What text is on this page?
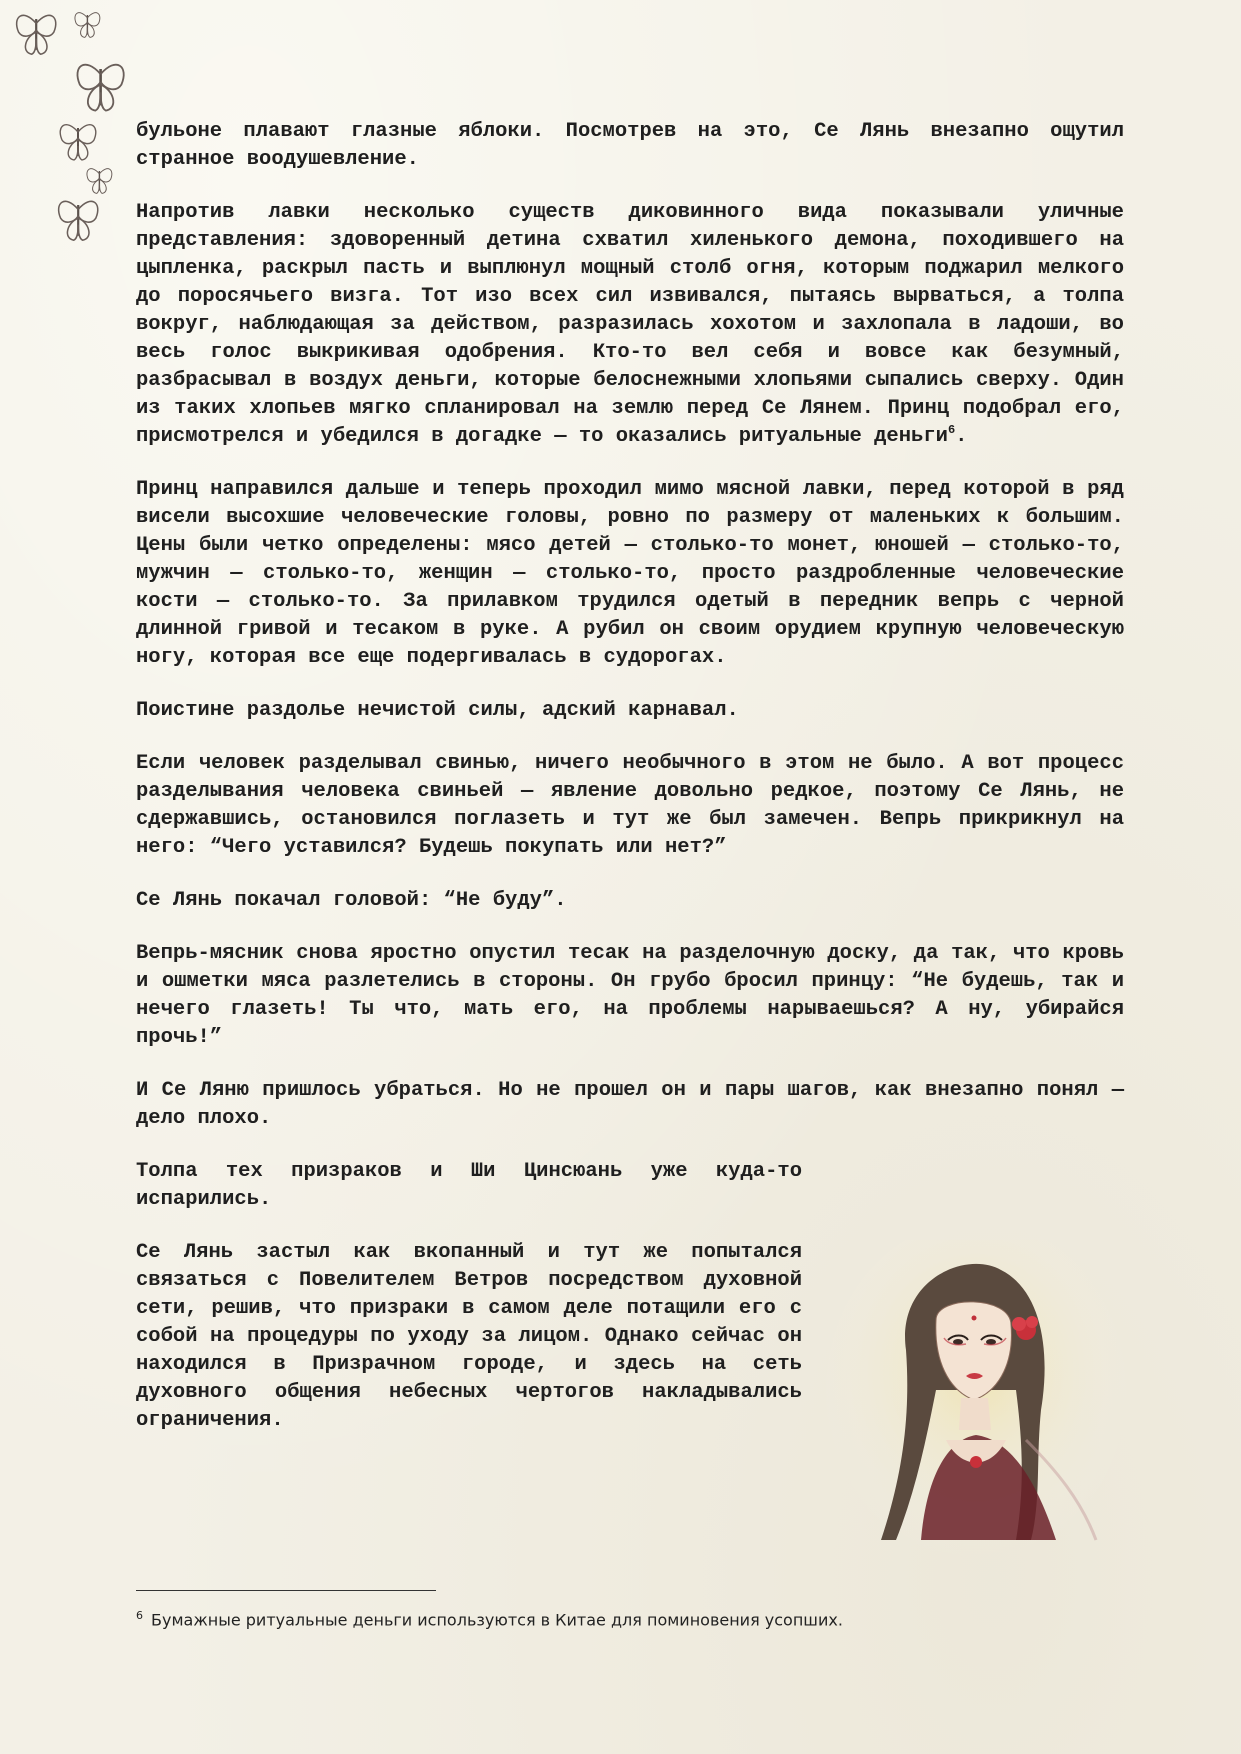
бульоне плавают глазные яблоки. Посмотрев на это, Се Лянь внезапно ощутил странное воодушевление.

Напротив лавки несколько существ диковинного вида показывали уличные представления: здоворенный детина схватил хиленького демона, походившего на цыпленка, раскрыл пасть и выплюнул мощный столб огня, которым поджарил мелкого до поросячьего визга. Тот изо всех сил извивался, пытаясь вырваться, а толпа вокруг, наблюдающая за действом, разразилась хохотом и захлопала в ладоши, во весь голос выкрикивая одобрения. Кто-то вел себя и вовсе как безумный, разбрасывал в воздух деньги, которые белоснежными хлопьями сыпались сверху. Один из таких хлопьев мягко спланировал на землю перед Се Лянем. Принц подобрал его, присмотрелся и убедился в догадке — то оказались ритуальные деньги$^6$.

Принц направился дальше и теперь проходил мимо мясной лавки, перед которой в ряд висели высохшие человеческие головы, ровно по размеру от маленьких к большим. Цены были четко определены: мясо детей — столько-то монет, юношей — столько-то, мужчин — столько-то, женщин — столько-то, просто раздробленные человеческие кости — столько-то. За прилавком трудился одетый в передник вепрь с черной длинной гривой и тесаком в руке. А рубил он своим орудием крупную человеческую ногу, которая все еще подергивалась в судорогах.

Поистине раздолье нечистой силы, адский карнавал.

Если человек разделывал свинью, ничего необычного в этом не было. А вот процесс разделывания человека свиньей — явление довольно редкое, поэтому Се Лянь, не сдержавшись, остановился поглазеть и тут же был замечен. Вепрь прикрикнул на него: “Чего уставился? Будешь покупать или нет?”

Се Лянь покачал головой: “Не буду”.

Вепрь-мясник снова яростно опустил тесак на разделочную доску, да так, что кровь и ошметки мяса разлетелись в стороны. Он грубо бросил принцу: “Не будешь, так и нечего глазеть! Ты что, мать его, на проблемы нарываешься? А ну, убирайся прочь!”

И Се Ляню пришлось убраться. Но не прошел он и пары шагов, как внезапно понял — дело плохо.

Толпа тех призраков и Ши Цинсюань уже куда-то испарились.

Се Лянь застыл как вкопанный и тут же попытался связаться с Повелителем Ветров посредством духовной сети, решив, что призраки в самом деле потащили его с собой на процедуры по уходу за лицом. Однако сейчас он находился в Призрачном городе, и здесь на сеть духовного общения небесных чертогов накладывались ограничения.

$^6$ Бумажные ритуальные деньги используются в Китае для поминовения усопших.
